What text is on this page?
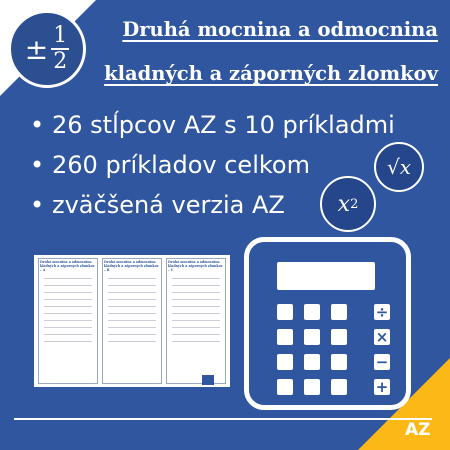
± $\frac{1}{2}$	Druhá mocnina a odmocnina
kladných a záporných zlomkov
• 26 stĺpcov AZ s 10 príkladmi
• 260 príkladov celkom
• zväčšená verzia AZ
√x
x 2
Druhá mocnina a odmocnina kladných a záporných zlomkov – A
Druhá mocnina a odmocnina kladných a záporných zlomkov – B
Druhá mocnina a odmocnina kladných a záporných zlomkov – C
÷
×
−
+
AZ
